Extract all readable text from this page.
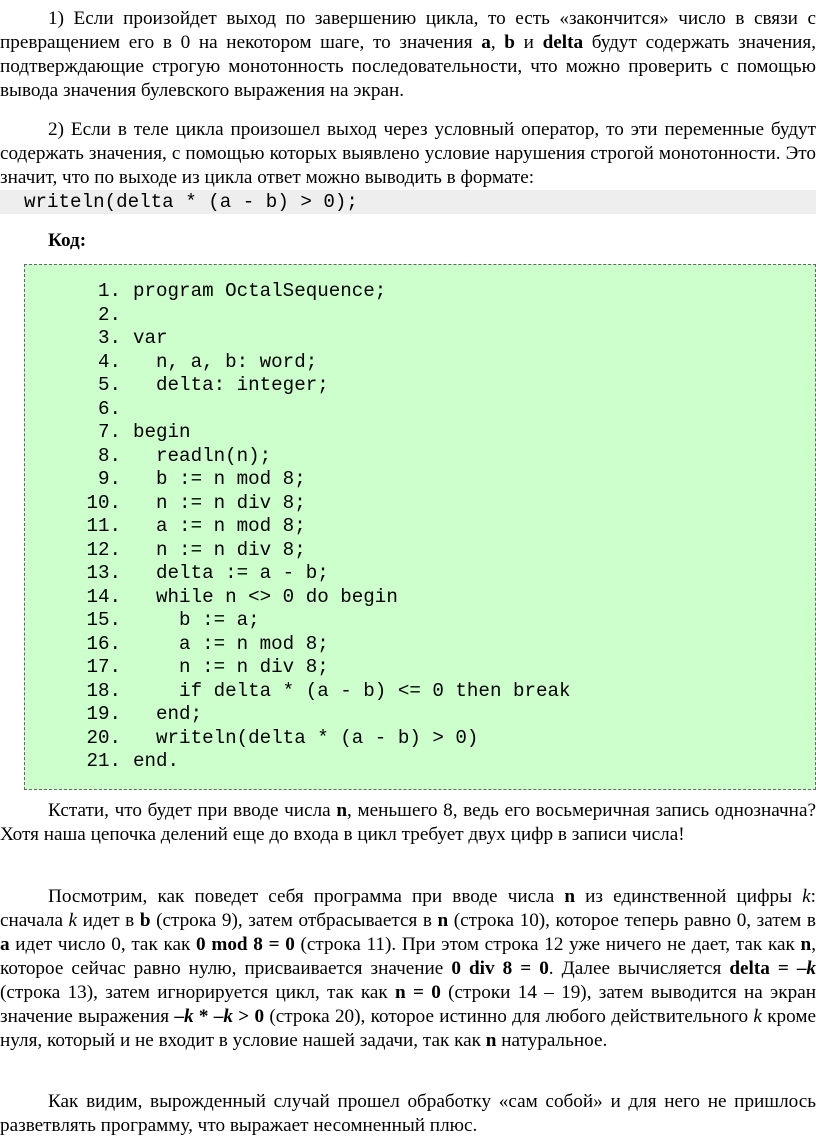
1) Если произойдет выход по завершению цикла, то есть «закончится» число в связи с превращением его в 0 на некотором шаге, то значения a, b и delta будут содержать значения, подтверждающие строгую монотонность последовательности, что можно проверить с помощью вывода значения булевского выражения на экран.

2) Если в теле цикла произошел выход через условный оператор, то эти переменные будут содержать значения, с помощью которых выявлено условие нарушения строгой монотонности. Это значит, что по выходе из цикла ответ можно выводить в формате:

writeln(delta * (a - b) > 0);

Код:

1. program OctalSequence;
2.
3. var
4.  n, a, b: word;
5.  delta: integer;
6.
7. begin
8.  readln(n);
9.  b := n mod 8;
10.  n := n div 8;
11.  a := n mod 8;
12.  n := n div 8;
13.  delta := a - b;
14.  while n <> 0 do begin
15.    b := a;
16.    a := n mod 8;
17.    n := n div 8;
18.    if delta * (a - b) <= 0 then break
19.  end;
20.  writeln(delta * (a - b) > 0)
21. end.

Кстати, что будет при вводе числа n, меньшего 8, ведь его восьмеричная запись однозначна? Хотя наша цепочка делений еще до входа в цикл требует двух цифр в записи числа!

Посмотрим, как поведет себя программа при вводе числа n из единственной цифры k: сначала k идет в b (строка 9), затем отбрасывается в n (строка 10), которое теперь равно 0, затем в a идет число 0, так как 0 mod 8 = 0 (строка 11). При этом строка 12 уже ничего не дает, так как n, которое сейчас равно нулю, присваивается значение 0 div 8 = 0. Далее вычисляется delta = –k (строка 13), затем игнорируется цикл, так как n = 0 (строки 14 – 19), затем выводится на экран значение выражения –k * –k > 0 (строка 20), которое истинно для любого действительного k кроме нуля, который и не входит в условие нашей задачи, так как n натуральное.

Как видим, вырожденный случай прошел обработку «сам собой» и для него не пришлось разветвлять программу, что выражает несомненный плюс.
